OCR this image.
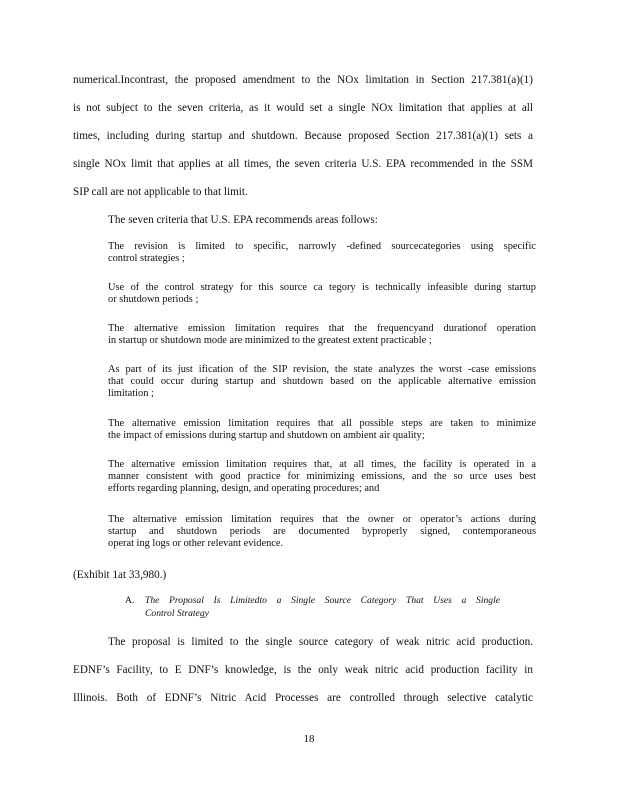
numerical.Incontrast, the proposed amendment to the NOx limitation in Section 217.381(a)(1)
is not subject to the seven criteria, as it would set a single NOx limitation that applies at all
times, including during startup and shutdown. Because proposed Section 217.381(a)(1) sets a
single NOx limit that applies at all times, the seven criteria U.S. EPA recommended in the SSM
SIP call are not applicable to that limit.
The seven criteria that U.S. EPA recommends areas follows:
The revision is limited to specific, narrowly -defined sourcecategories using specific
control strategies ;
Use of the control strategy for this source ca tegory is technically infeasible during startup
or shutdown periods ;
The alternative emission limitation requires that the frequencyand durationof operation
in startup or shutdown mode are minimized to the greatest extent practicable ;
As part of its just ification of the SIP revision, the state analyzes the worst -case emissions
that could occur during startup and shutdown based on the applicable alternative emission
limitation ;
The alternative emission limitation requires that all possible steps are taken to minimize
the impact of emissions during startup and shutdown on ambient air quality;
The alternative emission limitation requires that, at all times, the facility is operated in a
manner consistent with good practice for minimizing emissions, and the so urce uses best
efforts regarding planning, design, and operating procedures; and
The alternative emission limitation requires that the owner or operator’s actions during
startup and shutdown periods are documented byproperly signed, contemporaneous
operat ing logs or other relevant evidence.
(Exhibit 1at 33,980.)
A. The Proposal Is Limitedto a Single Source Category That Uses a Single
Control Strategy
The proposal is limited to the single source category of weak nitric acid production.
EDNF’s Facility, to E DNF’s knowledge, is the only weak nitric acid production facility in
Illinois. Both of EDNF’s Nitric Acid Processes are controlled through selective catalytic
18
